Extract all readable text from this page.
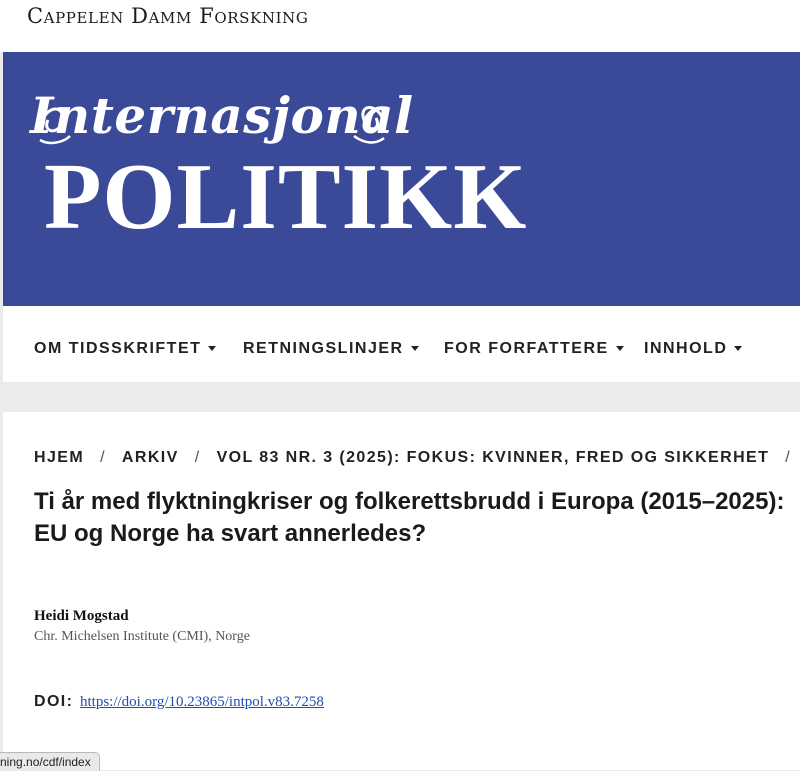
Cappelen Damm Forskning
Internasjonal
POLITIKK
OM TIDSSKRIFTET	RETNINGSLINJER	FOR FORFATTERE	INNHOLD
HJEM / ARKIV / VOL 83 NR. 3 (2025): FOKUS: KVINNER, FRED OG SIKKERHET /
Ti år med flyktningkriser og folkerettsbrudd i Europa (2015–2025):
EU og Norge ha svart annerledes?
Heidi Mogstad
Chr. Michelsen Institute (CMI), Norge
DOI: https://doi.org/10.23865/intpol.v83.7258
ning.no/cdf/index
